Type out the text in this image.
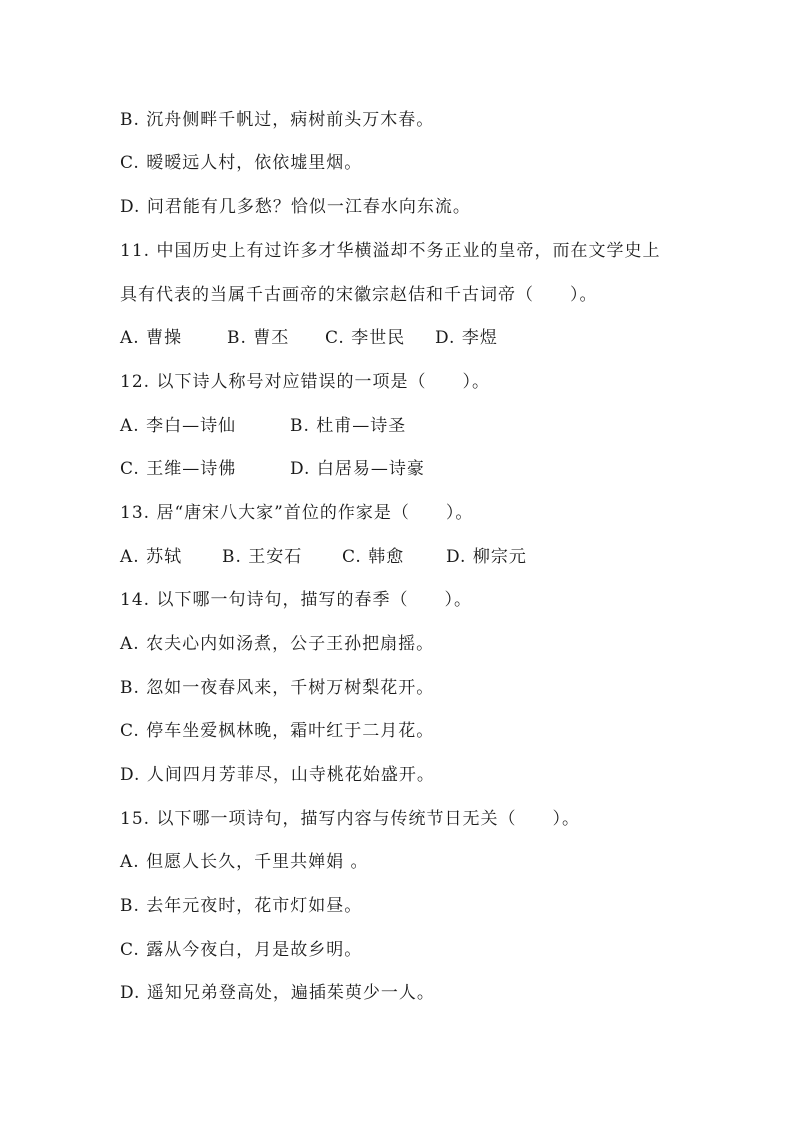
B. 沉舟侧畔千帆过，病树前头万木春。
C. 暧暧远人村，依依墟里烟。
D. 问君能有几多愁？恰似一江春水向东流。
11. 中国历史上有过许多才华横溢却不务正业的皇帝，而在文学史上
具有代表的当属千古画帝的宋徽宗赵佶和千古词帝（　　）。
A. 曹操	B. 曹丕 C. 李世民 D. 李煜
12. 以下诗人称号对应错误的一项是（　　）。
A. 李白—诗仙	B. 杜甫—诗圣
C. 王维—诗佛	D. 白居易—诗豪
13. 居“唐宋八大家”首位的作家是（　　）。
A. 苏轼 B. 王安石 C. 韩愈 D. 柳宗元
14. 以下哪一句诗句，描写的春季（　　）。
A. 农夫心内如汤煮，公子王孙把扇摇。
B. 忽如一夜春风来，千树万树梨花开。
C. 停车坐爱枫林晚，霜叶红于二月花。
D. 人间四月芳菲尽，山寺桃花始盛开。
15. 以下哪一项诗句，描写内容与传统节日无关（　　）。
A. 但愿人长久，千里共婵娟 。
B. 去年元夜时，花市灯如昼。
C. 露从今夜白，月是故乡明。
D. 遥知兄弟登高处，遍插茱萸少一人。
